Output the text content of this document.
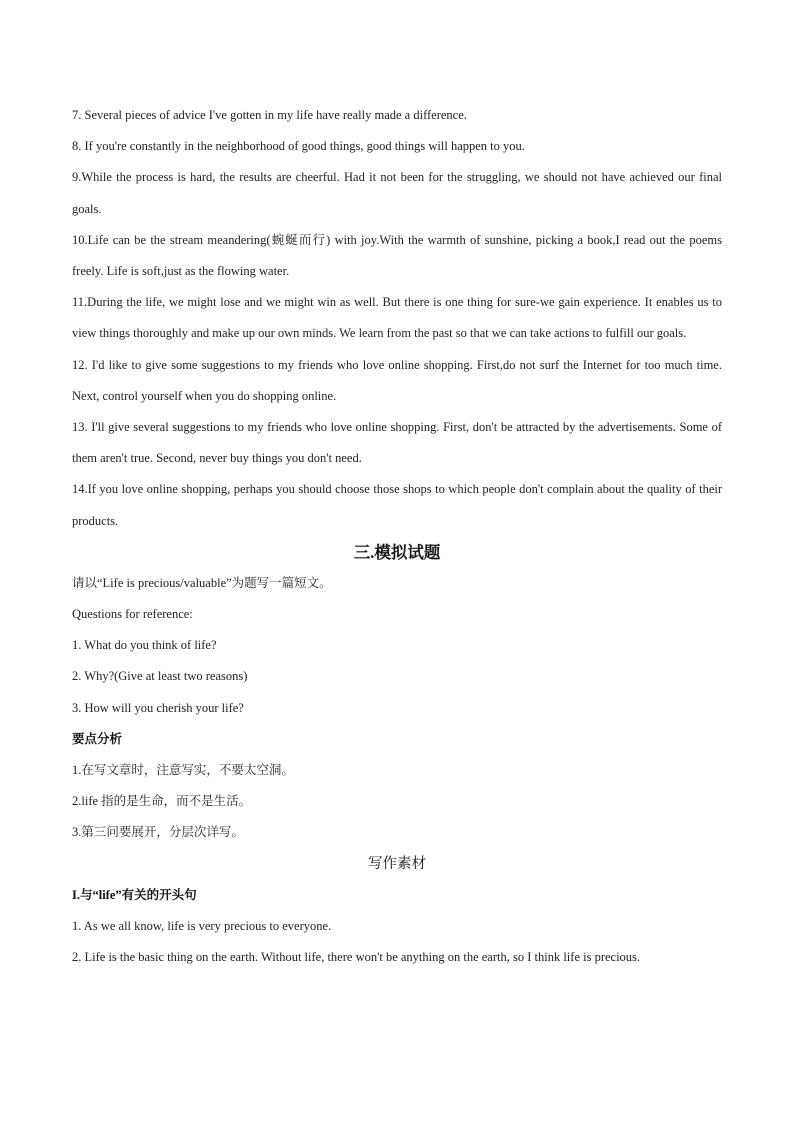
7. Several pieces of advice I've gotten in my life have really made a difference.

8. If you're constantly in the neighborhood of good things, good things will happen to you.

9.While the process is hard, the results are cheerful. Had it not been for the struggling, we should not have achieved our final goals.

10.Life can be the stream meandering(蜿蜒而行) with joy.With the warmth of sunshine, picking a book,I read out the poems freely. Life is soft,just as the flowing water.

11.During the life, we might lose and we might win as well. But there is one thing for sure-we gain experience. It enables us to view things thoroughly and make up our own minds. We learn from the past so that we can take actions to fulfill our goals.

12. I'd like to give some suggestions to my friends who love online shopping. First,do not surf the Internet for too much time. Next, control yourself when you do shopping online.

13. I'll give several suggestions to my friends who love online shopping. First, don't be attracted by the advertisements. Some of them aren't true. Second, never buy things you don't need.

14.If you love online shopping, perhaps you should choose those shops to which people don't complain about the quality of their products.

三.模拟试题

请以“Life is precious/valuable”为题写一篇短文。

Questions for reference:

1. What do you think of life?

2. Why?(Give at least two reasons)

3. How will you cherish your life?

要点分析

1.在写文章时，注意写实，不要太空洞。

2.life 指的是生命，而不是生活。

3.第三问要展开，分层次详写。

写作素材

I.与“life”有关的开头句

1. As we all know, life is very precious to everyone.

2. Life is the basic thing on the earth. Without life, there won't be anything on the earth, so I think life is precious.
